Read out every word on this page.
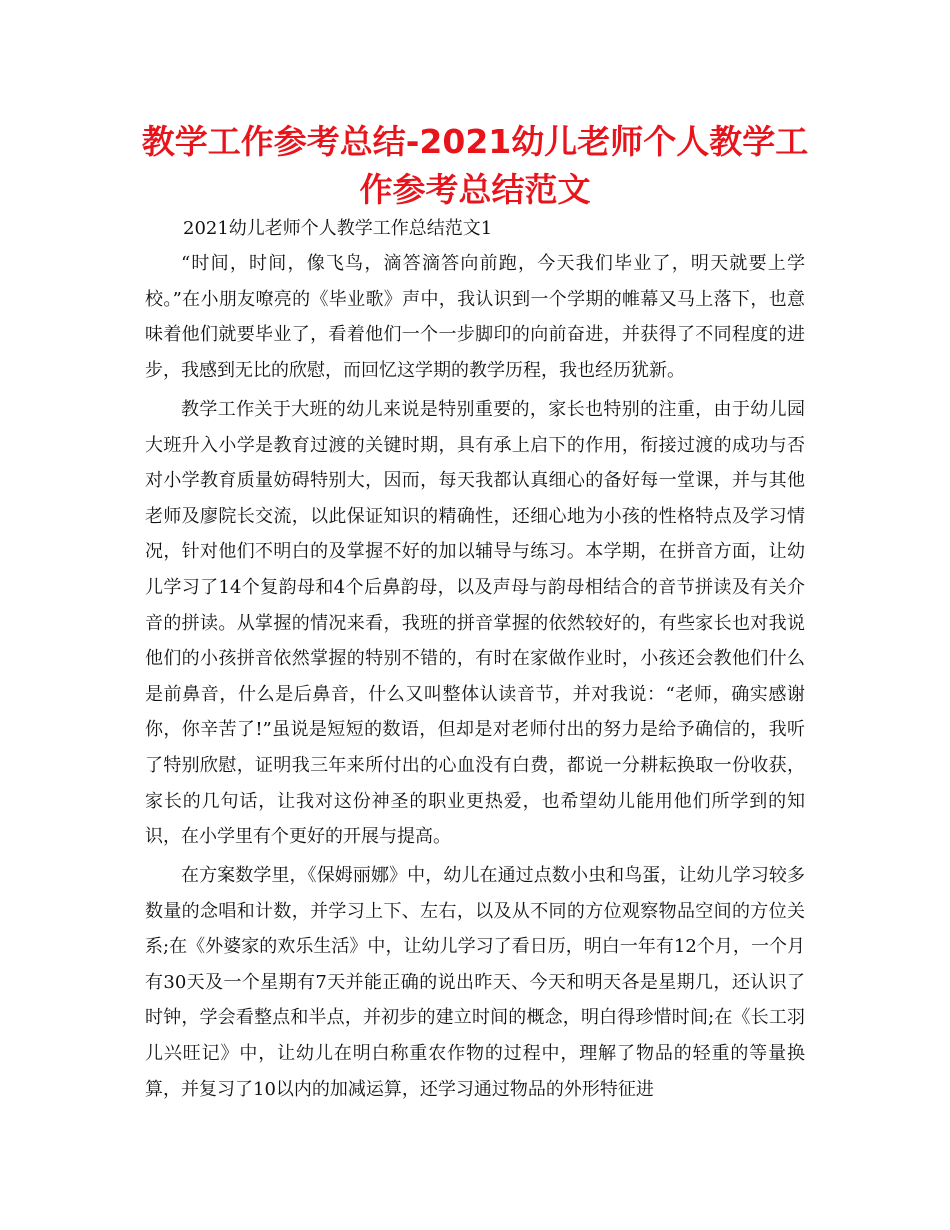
教学工作参考总结-2021幼儿老师个人教学工作参考总结范文

2021幼儿老师个人教学工作总结范文1

“时间，时间，像飞鸟，滴答滴答向前跑，今天我们毕业了，明天就要上学校。”在小朋友嘹亮的《毕业歌》声中，我认识到一个学期的帷幕又马上落下，也意味着他们就要毕业了，看着他们一个一步脚印的向前奋进，并获得了不同程度的进步，我感到无比的欣慰，而回忆这学期的教学历程，我也经历犹新。

教学工作关于大班的幼儿来说是特别重要的，家长也特别的注重，由于幼儿园大班升入小学是教育过渡的关键时期，具有承上启下的作用，衔接过渡的成功与否对小学教育质量妨碍特别大，因而，每天我都认真细心的备好每一堂课，并与其他老师及廖院长交流，以此保证知识的精确性，还细心地为小孩的性格特点及学习情况，针对他们不明白的及掌握不好的加以辅导与练习。本学期，在拼音方面，让幼儿学习了14个复韵母和4个后鼻韵母，以及声母与韵母相结合的音节拼读及有关介音的拼读。从掌握的情况来看，我班的拼音掌握的依然较好的，有些家长也对我说他们的小孩拼音依然掌握的特别不错的，有时在家做作业时，小孩还会教他们什么是前鼻音，什么是后鼻音，什么又叫整体认读音节，并对我说：“老师，确实感谢你，你辛苦了!”虽说是短短的数语，但却是对老师付出的努力是给予确信的，我听了特别欣慰，证明我三年来所付出的心血没有白费，都说一分耕耘换取一份收获，家长的几句话，让我对这份神圣的职业更热爱，也希望幼儿能用他们所学到的知识，在小学里有个更好的开展与提高。

在方案数学里，《保姆丽娜》中，幼儿在通过点数小虫和鸟蛋，让幼儿学习较多数量的念唱和计数，并学习上下、左右，以及从不同的方位观察物品空间的方位关系;在《外婆家的欢乐生活》中，让幼儿学习了看日历，明白一年有12个月，一个月有30天及一个星期有7天并能正确的说出昨天、今天和明天各是星期几，还认识了时钟，学会看整点和半点，并初步的建立时间的概念，明白得珍惜时间;在《长工羽儿兴旺记》中，让幼儿在明白称重农作物的过程中，理解了物品的轻重的等量换算，并复习了10以内的加减运算，还学习通过物品的外形特征进
